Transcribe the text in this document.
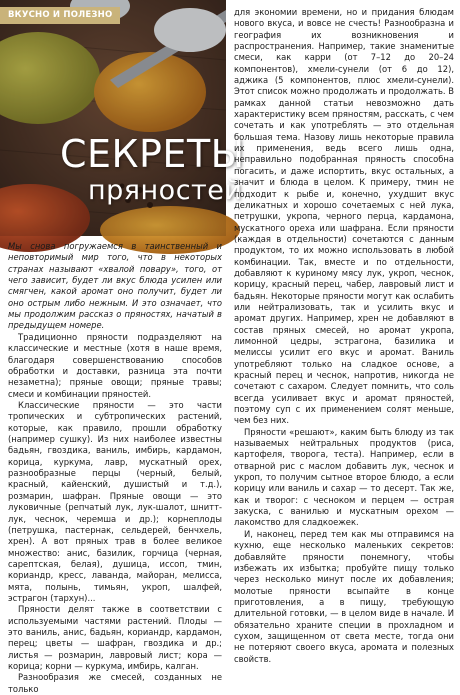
ВКУСНО И ПОЛЕЗНО
СЕКРЕТЫ
пряностей

Мы снова погружаемся в таинственный и неповторимый мир того, что в некоторых странах называют «хвалой повару», того, от чего зависит, будет ли вкус блюда усилен или смягчен, какой аромат оно получит, будет ли оно острым либо нежным. И это означает, что мы продолжим рассказ о пряностях, начатый в предыдущем номере.

Традиционно пряности подразделяют на классические и местные (хотя в наше время, благодаря совершенствованию способов обработки и доставки, разница эта почти незаметна); пряные овощи; пряные травы; смеси и комбинации пряностей.

Классические пряности — это части тропических и субтропических растений, которые, как правило, прошли обработку (например сушку). Из них наиболее известны бадьян, гвоздика, ваниль, имбирь, кардамон, корица, куркума, лавр, мускатный орех, разнообразные перцы (черный, белый, красный, кайенский, душистый и т.д.), розмарин, шафран. Пряные овощи — это луковичные (репчатый лук, лук-шалот, шнитт-лук, чеснок, черемша и др.); корнеплоды (петрушка, пастернак, сельдерей, бенчхель, хрен). А вот пряных трав в более великое множество: анис, базилик, горчица (черная, сарептская, белая), душица, иссоп, тмин, кориандр, кресс, лаванда, майоран, мелисса, мята, полынь, тимьян, укроп, шалфей, эстрагон (тархун)...

Пряности делят также в соответствии с используемыми частями растений. Плоды — это ваниль, анис, бадьян, кориандр, кардамон, перец; цветы — шафран, гвоздика и др.; листья — розмарин, лавровый лист; кора — корица; корни — куркума, имбирь, калган.

Разнообразия же смесей, созданных не только

для экономии времени, но и придания блюдам нового вкуса, и вовсе не счесть! Разнообразна и география их возникновения и распространения. Например, такие знаменитые смеси, как карри (от 7–12 до 20–24 компонентов), хмели-сунели (от 6 до 12), аджика (5 компонентов, плюс хмели-сунели). Этот список можно продолжать и продолжать. В рамках данной статьи невозможно дать характеристику всем пряностям, расскать, с чем сочетать и как употреблять — это отдельная большая тема. Назову лишь некоторые правила их применения, ведь всего лишь одна, неправильно подобранная пряность способна погасить, и даже испортить, вкус остальных, а значит и блюда в целом. К примеру, тмин не подходит к рыбе и, конечно, ухудшит вкус деликатных и хорошо сочетаемых с ней лука, петрушки, укропа, черного перца, кардамона, мускатного ореха или шафрана. Если пряности (каждая в отдельности) сочетаются с данным продуктом, то их можно использовать в любой комбинации. Так, вместе и по отдельности, добавляют к куриному мясу лук, укроп, чеснок, корицу, красный перец, чабер, лавровый лист и бадьян. Некоторые пряности могут как ослабить или нейтрализовать, так и усилить вкус и аромат других. Например, хрен не добавляют в состав пряных смесей, но аромат укропа, лимонной цедры, эстрагона, базилика и мелиссы усилит его вкус и аромат. Ваниль употребляют только на сладкое основе, а красный перец и чеснок, напротив, никогда не сочетают с сахаром. Следует помнить, что соль всегда усиливает вкус и аромат пряностей, поэтому суп с их применением солят меньше, чем без них.

Пряности «решают», каким быть блюду из так называемых нейтральных продуктов (риса, картофеля, творога, теста). Например, если в отварной рис с маслом добавить лук, чеснок и укроп, то получим сытное второе блюдо, а если корицу или ваниль и сахар — то десерт. Так же, как и творог: с чесноком и перцем — острая закуска, с ванилью и мускатным орехом — лакомство для сладкоежек.

И, наконец, перед тем как мы отправимся на кухню, еще несколько маленьких секретов: добавляйте пряности понемногу, чтобы избежать их избытка; пробуйте пищу только через несколько минут после их добавления; молотые пряности всыпайте в конце приготовления, а в пищу, требующую длительной готовки, — в целом виде в начале. И обязательно храните специи в прохладном и сухом, защищенном от света месте, тогда они не потеряют своего вкуса, аромата и полезных свойств.
